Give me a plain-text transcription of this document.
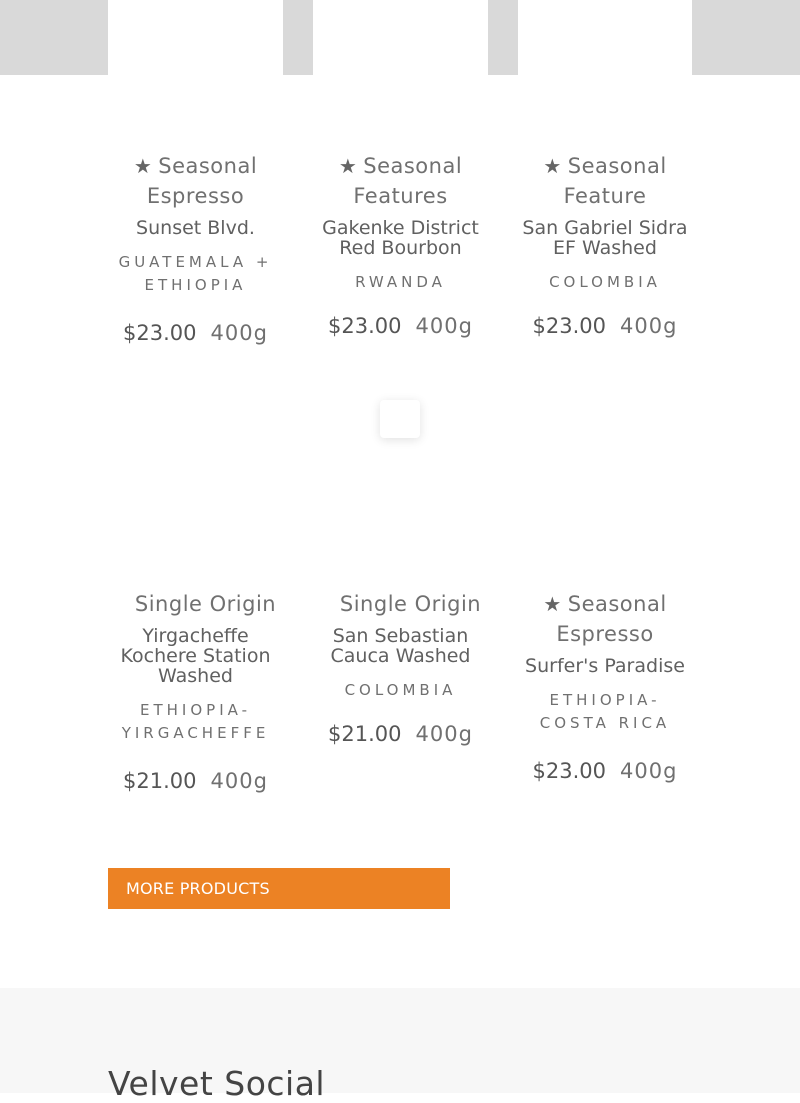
★ Seasonal Espresso
Sunset Blvd.
GUATEMALA + ETHIOPIA
$23.00 400g
★ Seasonal Features
Gakenke District Red Bourbon
RWANDA
$23.00 400g
★ Seasonal Feature
San Gabriel Sidra EF Washed
COLOMBIA
$23.00 400g
Single Origin
Yirgacheffe Kochere Station Washed
ETHIOPIA-YIRGACHEFFE
$21.00 400g
Single Origin
San Sebastian Cauca Washed
COLOMBIA
$21.00 400g
★ Seasonal Espresso
Surfer's Paradise
ETHIOPIA-COSTA RICA
$23.00 400g
MORE PRODUCTS
Velvet Social
